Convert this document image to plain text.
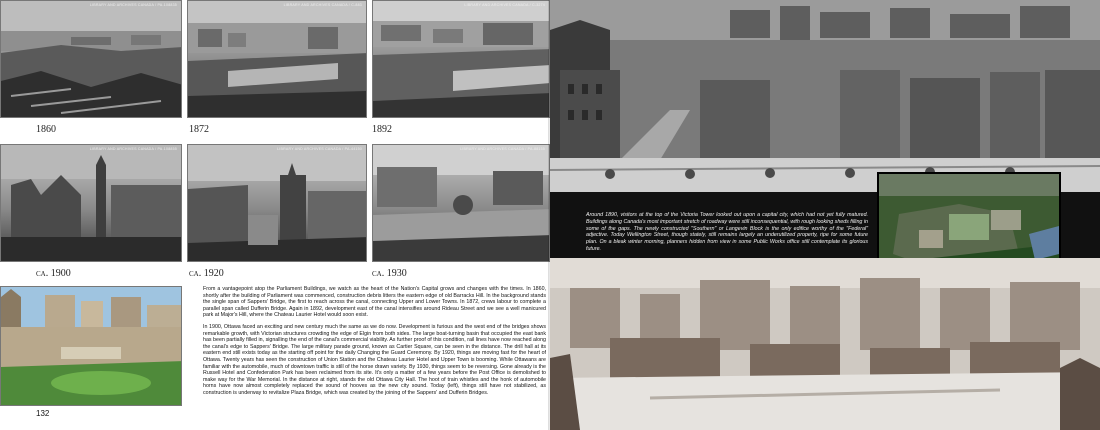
LIBRARY AND ARCHIVES CANADA / PA-108835
1860
LIBRARY AND ARCHIVES CANADA / C-883
1872
LIBRARY AND ARCHIVES CANADA / C-3274
1892
LIBRARY AND ARCHIVES CANADA / PA-108855
ca. 1900
LIBRARY AND ARCHIVES CANADA / PA-44150
ca. 1920
LIBRARY AND ARCHIVES CANADA / PA-88155
ca. 1930

From a vantagepoint atop the Parliament Buildings, we watch as the heart of the Nation's Capital grows and changes with the times. In 1860, shortly after the building of Parliament was commenced, construction debris litters the eastern edge of old Barracks Hill. In the background stands the single span of Sappers' Bridge, the first to reach across the canal, connecting Upper and Lower Towns. In 1872, crews labour to complete a parallel span called Dufferin Bridge. Again in 1892, development east of the canal intensifies around Rideau Street and we see a well manicured park at Major's Hill, where the Chateau Laurier Hotel would soon exist.

In 1900, Ottawa faced an exciting and new century much the same as we do now. Development is furious and the west end of the bridges shows remarkable growth, with Victorian structures crowding the edge of Elgin from both sides. The large boat-turning basin that occupied the east bank has been partially filled in, signalling the end of the canal's commercial viability. As further proof of this condition, rail lines have now reached along the canal's edge to Sappers' Bridge. The large military parade ground, known as Cartier Square, can be seen in the distance. The drill hall at its eastern end still exists today as the starting off point for the daily Changing the Guard Ceremony. By 1920, things are moving fast for the heart of Ottawa. Twenty years has seen the construction of Union Station and the Chateau Laurier Hotel and Upper Town is booming. While Ottawans are familiar with the automobile, much of downtown traffic is still of the horse drawn variety. By 1930, things seem to be reversing. Gone already is the Russell Hotel and Confederation Park has been reclaimed from its site. It's only a matter of a few years before the Post Office is demolished to make way for the War Memorial. In the distance at right, stands the old Ottawa City Hall. The hoot of train whistles and the honk of automobile horns have now almost completely replaced the sound of hooves as the new city sound. Today (left), things still have not stabilized, as construction is underway to revitalize Plaza Bridge, which was created by the joining of the Sappers' and Dufferin Bridges.

132
Around 1890, visitors at the top of the Victoria Tower looked out upon a capital city, which had not yet fully matured. Buildings along Canada's most important stretch of roadway were still inconsequential, with rough looking sheds filling in some of the gaps. The newly constructed "Southern" or Langevin Block is the only edifice worthy of the "Federal" adjective. Today Wellington Street, though stately, still remains largely an underutilized property, ripe for some future plan. On a bleak winter morning, planners hidden from view in some Public Works office still contemplate its glorious future.
